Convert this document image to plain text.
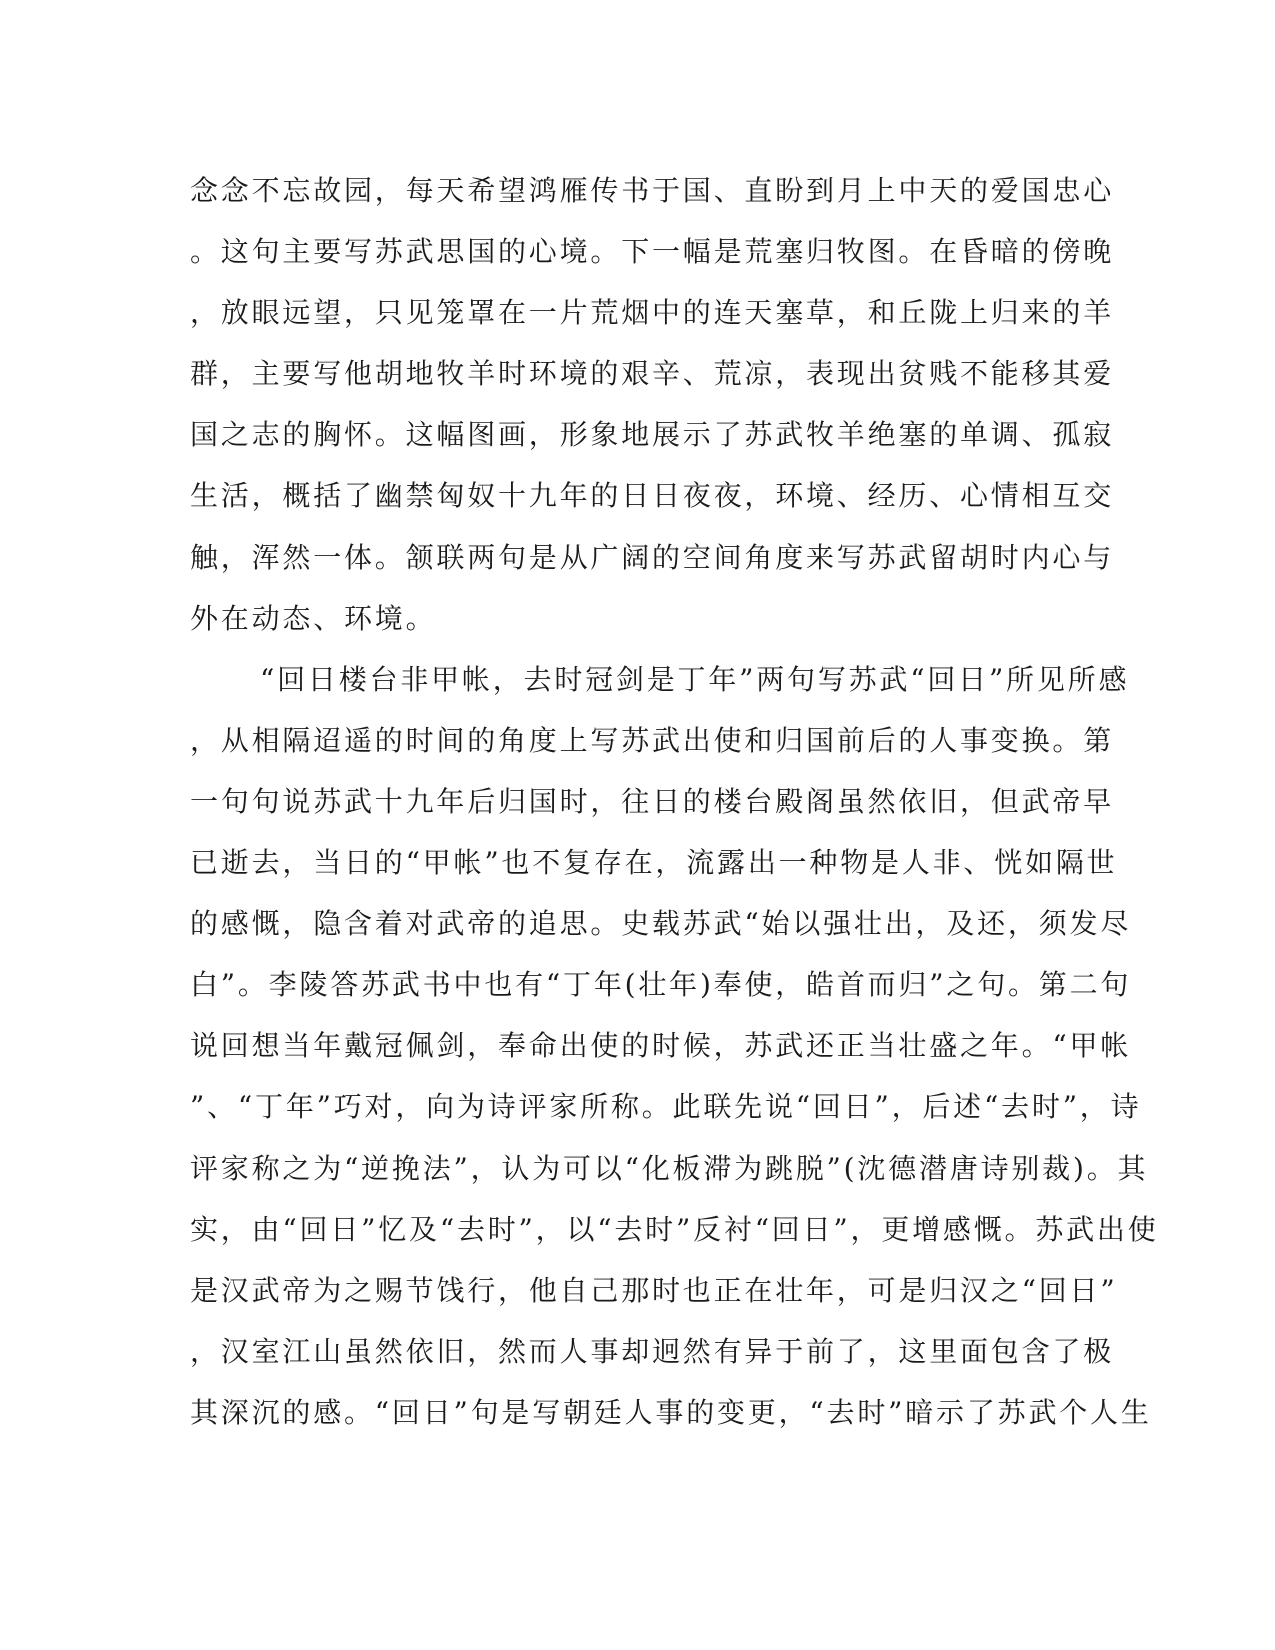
念念不忘故园，每天希望鸿雁传书于国、直盼到月上中天的爱国忠心
。这句主要写苏武思国的心境。下一幅是荒塞归牧图。在昏暗的傍晚
，放眼远望，只见笼罩在一片荒烟中的连天塞草，和丘陇上归来的羊
群，主要写他胡地牧羊时环境的艰辛、荒凉，表现出贫贱不能移其爱
国之志的胸怀。这幅图画，形象地展示了苏武牧羊绝塞的单调、孤寂
生活，概括了幽禁匈奴十九年的日日夜夜，环境、经历、心情相互交
触，浑然一体。颔联两句是从广阔的空间角度来写苏武留胡时内心与
外在动态、环境。
“回日楼台非甲帐，去时冠剑是丁年”两句写苏武“回日”所见所感
，从相隔迢遥的时间的角度上写苏武出使和归国前后的人事变换。第
一句句说苏武十九年后归国时，往日的楼台殿阁虽然依旧，但武帝早
已逝去，当日的“甲帐”也不复存在，流露出一种物是人非、恍如隔世
的感慨，隐含着对武帝的追思。史载苏武“始以强壮出，及还，须发尽
白”。李陵答苏武书中也有“丁年(壮年)奉使，皓首而归”之句。第二句
说回想当年戴冠佩剑，奉命出使的时候，苏武还正当壮盛之年。“甲帐
”、“丁年”巧对，向为诗评家所称。此联先说“回日”，后述“去时”，诗
评家称之为“逆挽法”，认为可以“化板滞为跳脱”(沈德潜唐诗别裁)。其
实，由“回日”忆及“去时”，以“去时”反衬“回日”，更增感慨。苏武出使
是汉武帝为之赐节饯行，他自己那时也正在壮年，可是归汉之“回日”
，汉室江山虽然依旧，然而人事却迥然有异于前了，这里面包含了极
其深沉的感。“回日”句是写朝廷人事的变更，“去时”暗示了苏武个人生
